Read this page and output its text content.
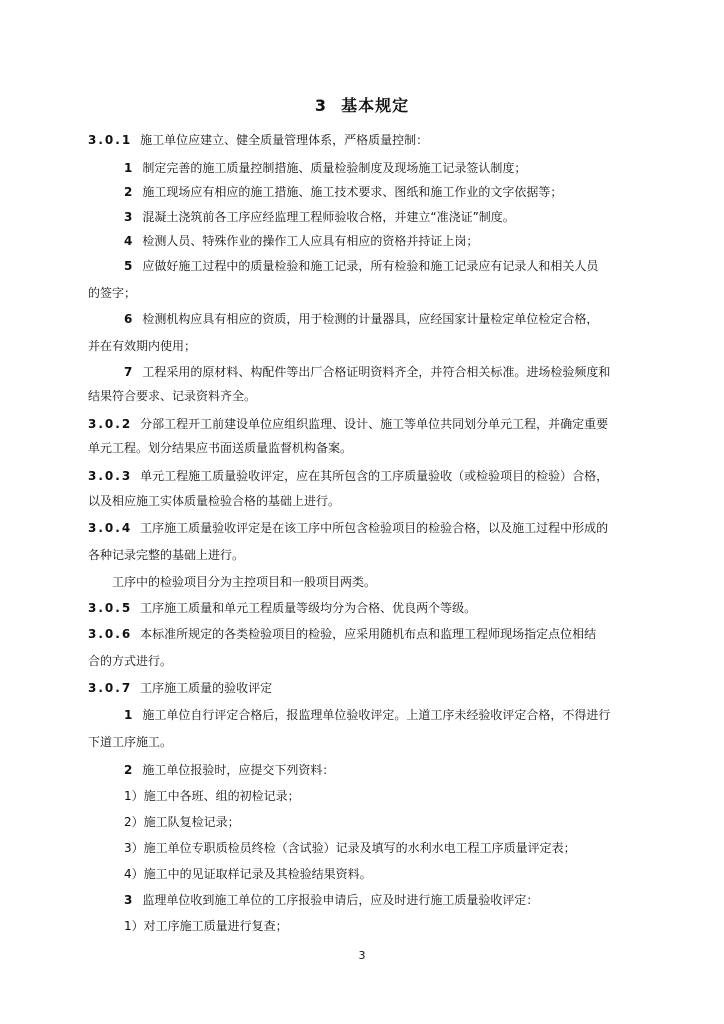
3 基本规定
3.0.1 施工单位应建立、健全质量管理体系，严格质量控制：
1 制定完善的施工质量控制措施、质量检验制度及现场施工记录签认制度；
2 施工现场应有相应的施工措施、施工技术要求、图纸和施工作业的文字依据等；
3 混凝土浇筑前各工序应经监理工程师验收合格，并建立“准浇证”制度。
4 检测人员、特殊作业的操作工人应具有相应的资格并持证上岗；
5 应做好施工过程中的质量检验和施工记录，所有检验和施工记录应有记录人和相关人员
的签字；
6 检测机构应具有相应的资质，用于检测的计量器具，应经国家计量检定单位检定合格，
并在有效期内使用；
7 工程采用的原材料、构配件等出厂合格证明资料齐全，并符合相关标准。进场检验频度和
结果符合要求、记录资料齐全。
3.0.2 分部工程开工前建设单位应组织监理、设计、施工等单位共同划分单元工程，并确定重要
单元工程。划分结果应书面送质量监督机构备案。
3.0.3 单元工程施工质量验收评定，应在其所包含的工序质量验收（或检验项目的检验）合格，
以及相应施工实体质量检验合格的基础上进行。
3.0.4 工序施工质量验收评定是在该工序中所包含检验项目的检验合格，以及施工过程中形成的
各种记录完整的基础上进行。
工序中的检验项目分为主控项目和一般项目两类。
3.0.5 工序施工质量和单元工程质量等级均分为合格、优良两个等级。
3.0.6 本标准所规定的各类检验项目的检验，应采用随机布点和监理工程师现场指定点位相结
合的方式进行。
3.0.7 工序施工质量的验收评定
1 施工单位自行评定合格后，报监理单位验收评定。上道工序未经验收评定合格，不得进行
下道工序施工。
2 施工单位报验时，应提交下列资料：
1）施工中各班、组的初检记录；
2）施工队复检记录；
3）施工单位专职质检员终检（含试验）记录及填写的水利水电工程工序质量评定表；
4）施工中的见证取样记录及其检验结果资料。
3 监理单位收到施工单位的工序报验申请后，应及时进行施工质量验收评定：
1）对工序施工质量进行复查；
3
